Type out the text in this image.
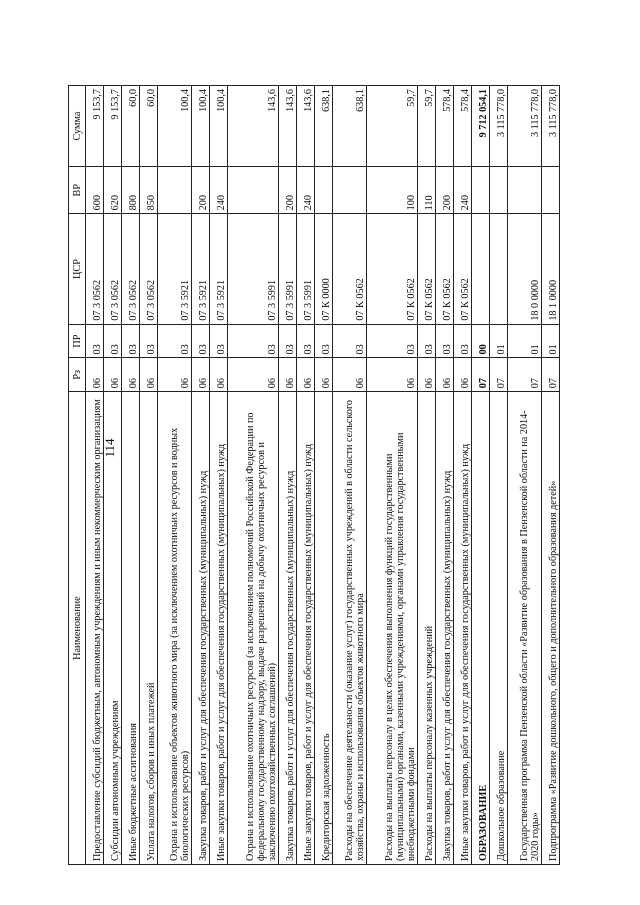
114
Наименование	Рз	ПР	ЦСР	ВР	Сумма
Предоставление субсидий бюджетным, автономным учреждениям и иным некоммерческим организациям	06	03	07 3 0562	600	9 153,7
Субсидии автономным учреждениям	06	03	07 3 0562	620	9 153,7
Иные бюджетные ассигнования	06	03	07 3 0562	800	60,0
Уплата налогов, сборов и иных платежей	06	03	07 3 0562	850	60,0
Охрана и использование объектов животного мира (за исключением охотничьих ресурсов и водных биологических ресурсов)	06	03	07 3 5921		100,4
Закупка товаров, работ и услуг для обеспечения государственных (муниципальных) нужд	06	03	07 3 5921	200	100,4
Иные закупки товаров, работ и услуг для обеспечения государственных (муниципальных) нужд	06	03	07 3 5921	240	100,4
Охрана и использование охотничьих ресурсов (за исключением полномочий Российской Федерации по федеральному государственному надзору, выдаче разрешений на добычу охотничьих ресурсов и заключению охотхозяйственных соглашений)	06	03	07 3 5991		143,6
Закупка товаров, работ и услуг для обеспечения государственных (муниципальных) нужд	06	03	07 3 5991	200	143,6
Иные закупки товаров, работ и услуг для обеспечения государственных (муниципальных) нужд	06	03	07 3 5991	240	143,6
Кредиторская задолженность	06	03	07 К 0000		638,1
Расходы на обеспечение деятельности (оказание услуг) государственных учреждений в области сельского хозяйства, охраны и использования объектов животного мира	06	03	07 К 0562		638,1
Расходы на выплаты персоналу в целях обеспечения выполнения функций государственными (муниципальными) органами, казенными учреждениями, органами управления государственными внебюджетными фондами	06	03	07 К 0562	100	59,7
Расходы на выплаты персоналу казенных учреждений	06	03	07 К 0562	110	59,7
Закупка товаров, работ и услуг для обеспечения государственных (муниципальных) нужд	06	03	07 К 0562	200	578,4
Иные закупки товаров, работ и услуг для обеспечения государственных (муниципальных) нужд	06	03	07 К 0562	240	578,4
ОБРАЗОВАНИЕ	07	00			9 712 054,1
Дошкольное образование	07	01			3 115 778,0
Государственная программа Пензенской области «Развитие образования в Пензенской области на 2014-2020 годы»	07	01	18 0 0000		3 115 778,0
Подпрограмма «Развитие дошкольного, общего и дополнительного образования детей»	07	01	18 1 0000		3 115 778,0
